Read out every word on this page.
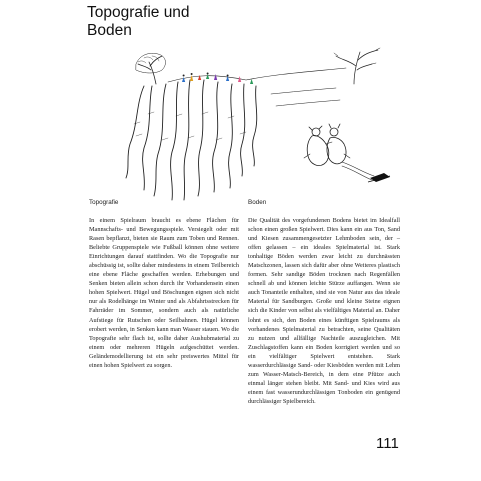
Topografie und
Boden
Topografie	Boden
In einem Spielraum braucht es ebene Flächen für Mannschafts- und Bewegungsspiele. Versiegelt oder mit Rasen bepflanzt, bieten sie Raum zum Toben und Rennen. Beliebte Gruppenspiele wie Fußball können ohne weitere Einrichtungen darauf stattfinden. Wo die Topografie nur abschüssig ist, sollte daher mindestens in einem Teilbereich eine ebene Fläche geschaffen werden. Erhebungen und Senken bieten allein schon durch ihr Vorhandensein einen hohen Spielwert. Hügel und Böschungen eignen sich nicht nur als Rodelhänge im Winter und als Abfahrtsstrecken für Fahrräder im Sommer, sondern auch als natürliche Aufstiege für Rutschen oder Seilbahnen. Hügel können erobert werden, in Senken kann man Wasser stauen. Wo die Topografie sehr flach ist, sollte daher Aushubmaterial zu einem oder mehreren Hügeln aufgeschüttet werden. Geländemodellierung ist ein sehr preiswertes Mittel für einen hohen Spielwert zu sorgen.
Die Qualität des vorgefundenen Bodens bietet im Idealfall schon einen großen Spielwert. Dies kann ein aus Ton, Sand und Kiesen zusammengesetzter Lehmboden sein, der – offen gelassen – ein ideales Spielmaterial ist. Stark tonhaltige Böden werden zwar leicht zu durchnässten Matschzonen, lassen sich dafür aber ohne Weiteres plastisch formen. Sehr sandige Böden trocknen nach Regenfällen schnell ab und können leichte Stürze auffangen. Wenn sie auch Tonanteile enthalten, sind sie von Natur aus das ideale Material für Sandburgen. Große und kleine Steine eignen sich die Kinder von selbst als vielfältiges Material an. Daher lohnt es sich, den Boden eines künftigen Spielraums als vorhandenes Spielmaterial zu betrachten, seine Qualitäten zu nutzen und allfällige Nachteile auszugleichen. Mit Zuschlagstoffen kann ein Boden korrigiert werden und so ein vielfältiger Spielwert entstehen. Stark wasserdurchlässige Sand- oder Kiesböden werden mit Lehm zum Wasser-Matsch-Bereich, in dem eine Pfütze auch einmal länger stehen bleibt. Mit Sand- und Kies wird aus einem fast wasserundurchlässigen Tonboden ein genügend durchlässiger Spielbereich.
111
